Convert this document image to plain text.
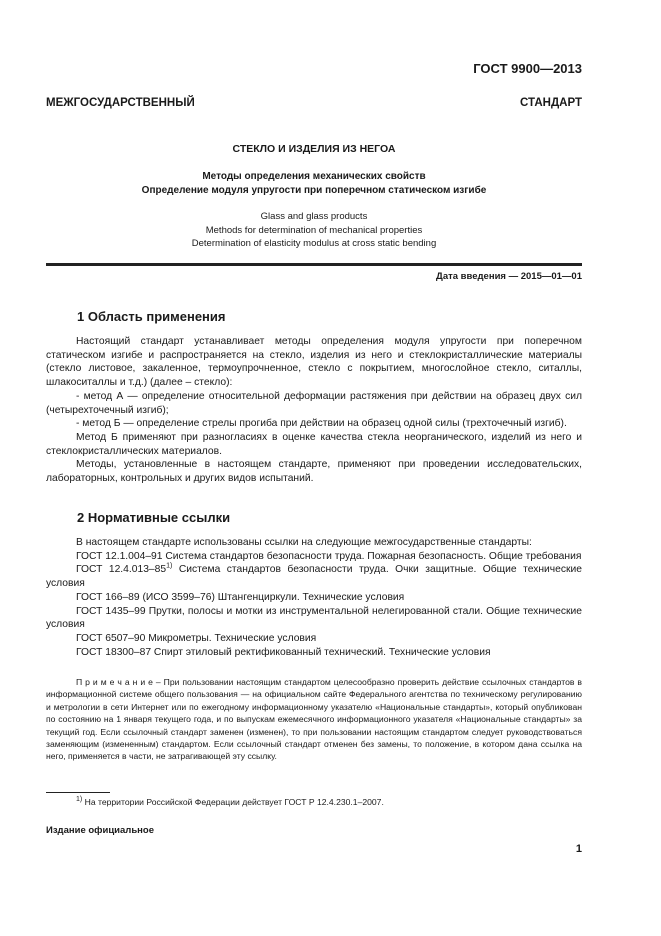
ГОСТ 9900—2013
МЕЖГОСУДАРСТВЕННЫЙ СТАНДАРТ
СТЕКЛО И ИЗДЕЛИЯ ИЗ НЕГОА
Методы определения механических свойств
Определение модуля упругости при поперечном статическом изгибе
Glass and glass products
Methods for determination of mechanical properties
Determination of elasticity modulus at cross static bending
Дата введения — 2015—01—01
1 Область применения

Настоящий стандарт устанавливает методы определения модуля упругости при поперечном статическом изгибе и распространяется на стекло, изделия из него и стеклокристаллические материалы (стекло листовое, закаленное, термоупрочненное, стекло с покрытием, многослойное стекло, ситаллы, шлакоситаллы и т.д.) (далее – стекло):

- метод А — определение относительной деформации растяжения при действии на образец двух сил (четырехточечный изгиб);

- метод Б — определение стрелы прогиба при действии на образец одной силы (трехточечный изгиб).

Метод Б применяют при разногласиях в оценке качества стекла неорганического, изделий из него и стеклокристаллических материалов.

Методы, установленные в настоящем стандарте, применяют при проведении исследовательских, лабораторных, контрольных и других видов испытаний.

2 Нормативные ссылки

В настоящем стандарте использованы ссылки на следующие межгосударственные стандарты:

ГОСТ 12.1.004–91 Система стандартов безопасности труда. Пожарная безопасность. Общие требования

ГОСТ 12.4.013–85$^{1)}$ Система стандартов безопасности труда. Очки защитные. Общие технические условия

ГОСТ 166–89 (ИСО 3599–76) Штангенциркули. Технические условия

ГОСТ 1435–99 Прутки, полосы и мотки из инструментальной нелегированной стали. Общие технические условия

ГОСТ 6507–90 Микрометры. Технические условия

ГОСТ 18300–87 Спирт этиловый ректификованный технический. Технические условия

П р и м е ч а н и е – При пользовании настоящим стандартом целесообразно проверить действие ссылочных стандартов в информационной системе общего пользования — на официальном сайте Федерального агентства по техническому регулированию и метрологии в сети Интернет или по ежегодному информационному указателю «Национальные стандарты», который опубликован по состоянию на 1 января текущего года, и по выпускам ежемесячного информационного указателя «Национальные стандарты» за текущий год. Если ссылочный стандарт заменен (изменен), то при пользовании настоящим стандартом следует руководствоваться заменяющим (измененным) стандартом. Если ссылочный стандарт отменен без замены, то положение, в котором дана ссылка на него, применяется в части, не затрагивающей эту ссылку.

$^{1)}$ На территории Российской Федерации действует ГОСТ Р 12.4.230.1–2007.
Издание официальное
1
